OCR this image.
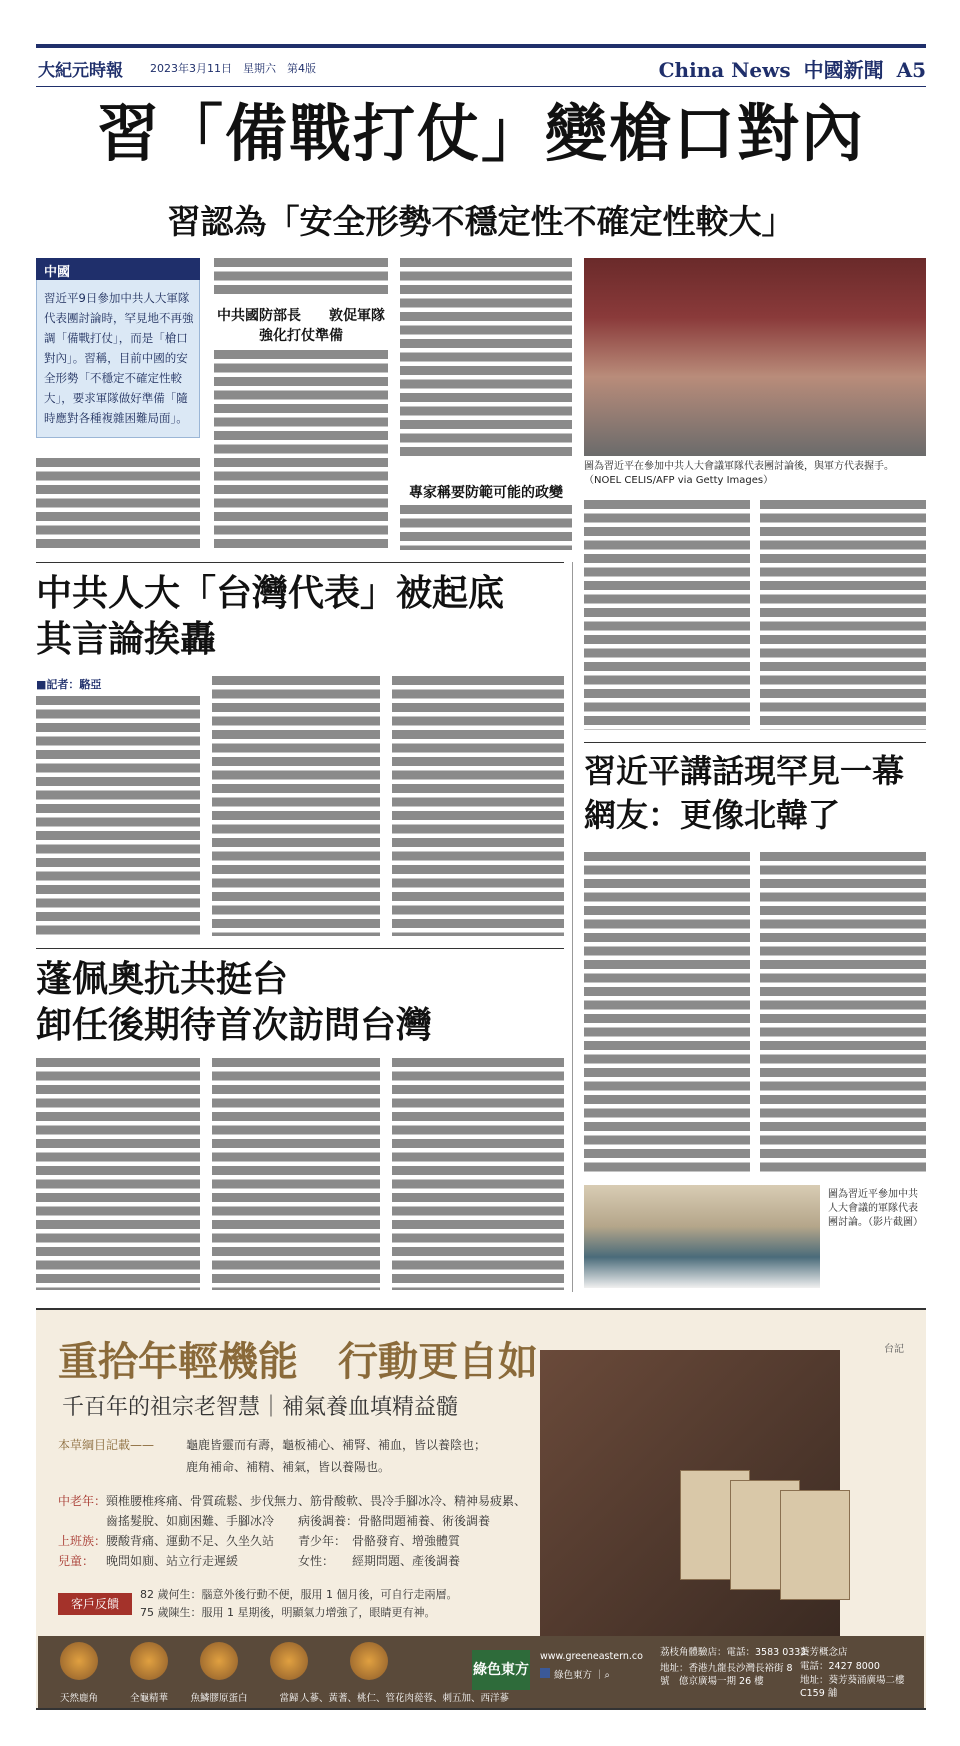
大紀元時報 2023年3月11日　星期六　第4版	China News 中國新聞 A5
習「備戰打仗」變槍口對內
習認為「安全形勢不穩定性不確定性較大」
中國
習近平9日參加中共人大軍隊代表團討論時，罕見地不再強調「備戰打仗」，而是「槍口對內」。習稱，目前中國的安全形勢「不穩定不確定性較大」，要求軍隊做好準備「隨時應對各種複雜困難局面」。
中共國防部長　　敦促軍隊強化打仗準備
專家稱要防範可能的政變
圖為習近平在參加中共人大會議軍隊代表團討論後，與軍方代表握手。（NOEL CELIS/AFP via Getty Images）
中共人大「台灣代表」被起底
其言論挨轟
■記者：駱亞
習近平講話現罕見一幕
網友：更像北韓了
圖為習近平參加中共人大會議的軍隊代表團討論。（影片截圖）
蓬佩奧抗共挺台
卸任後期待首次訪問台灣
重拾年輕機能　行動更自如	台記
千百年的祖宗老智慧｜補氣養血填精益髓
本草綱目記載——	龜鹿皆靈而有壽，龜板補心、補腎、補血，皆以養陰也；
鹿角補命、補精、補氣，皆以養陽也。
中老年：頸椎腰椎疼痛、骨質疏鬆、步伐無力、筋骨酸軟、畏冷手腳冰冷、精神易疲累、
齒搖髮脫、如廁困難、手腳冰冷　　病後調養：骨骼問題補養、術後調養
上班族：腰酸背痛、運動不足、久坐久站　　青少年：　骨骼發育、增強體質
兒童： 晚問如廁、站立行走遲緩　　　　　女性：　　經期問題、產後調養
客戶反饋
82 歲何生：腦意外後行動不便，服用 1 個月後，可自行走兩層。
75 歲陳生：服用 1 星期後，明顯氣力增強了，眼睛更有神。
天然鹿角	全龜精華	魚鱗膠原蛋白	當歸 人蔘、黃蓍、桃仁、管花肉蓯蓉、刺五加、西洋蔘
綠色東方
www.greeneastern.co
綠色東方 ｜⌕
荔枝角體驗店：電話：3583 0332
地址：香港九龍長沙灣長裕街 8 號　億京廣場一期 26 樓
葵芳概念店
電話：2427 8000
地址：葵芳葵涌廣場二樓 C159 舖
